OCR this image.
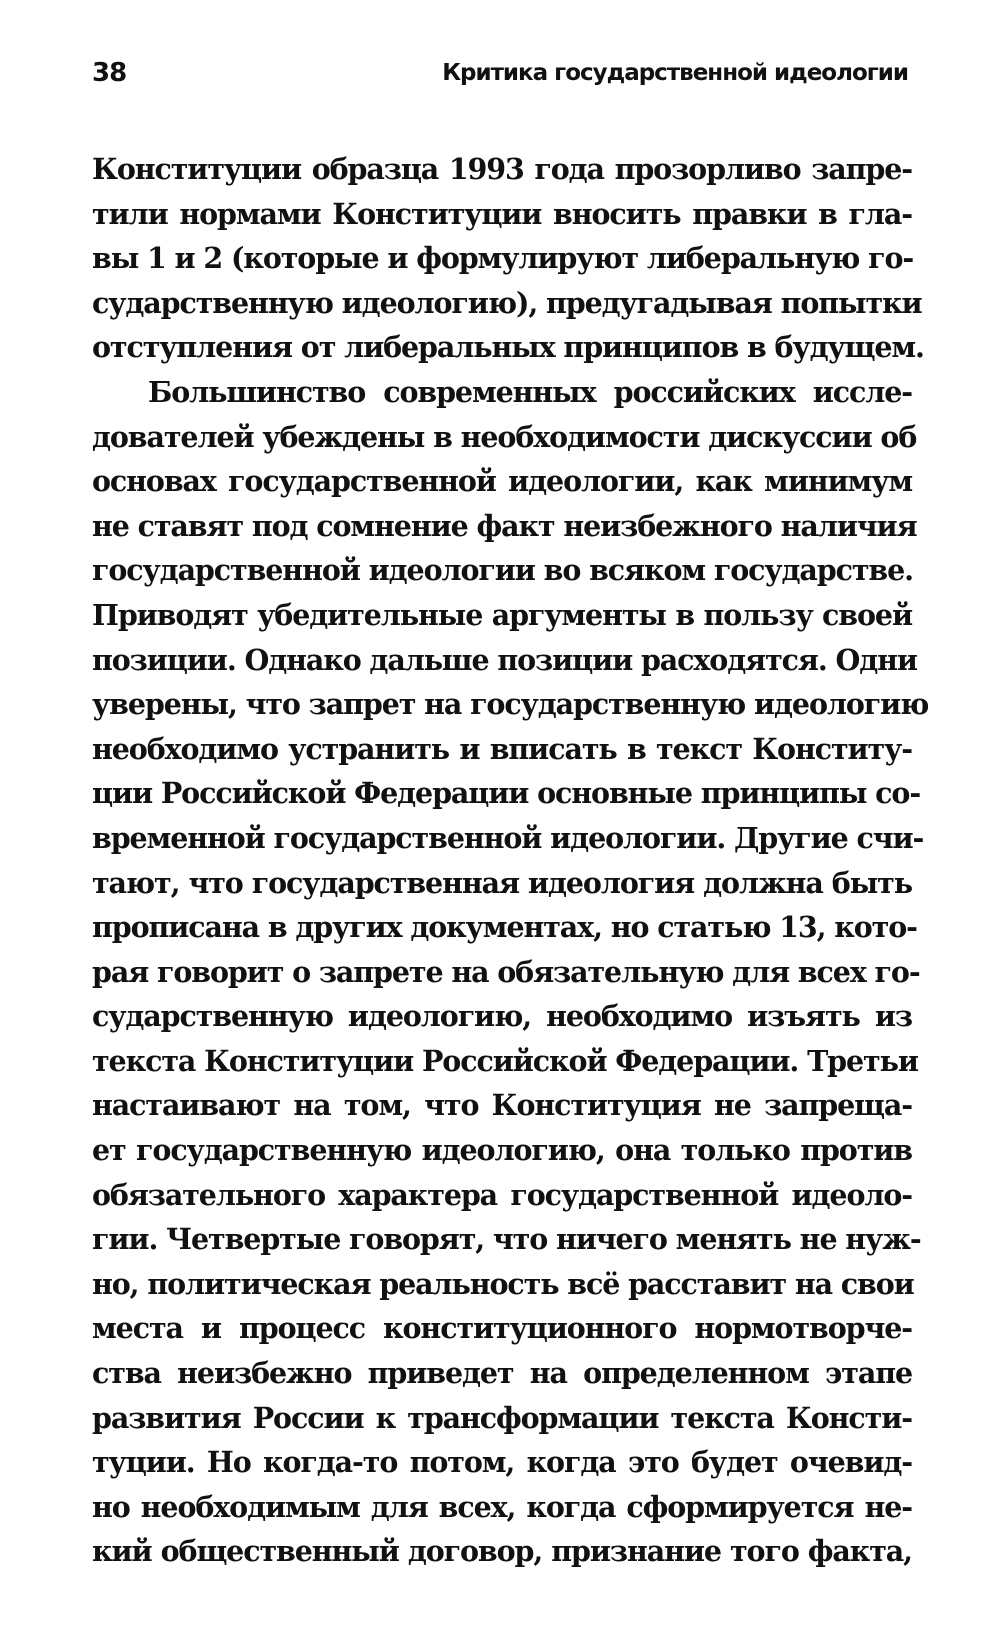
38	Критика государственной идеологии
Конституции образца 1993 года прозорливо запре-
тили нормами Конституции вносить правки в гла-
вы 1 и 2 (которые и формулируют либеральную го-
сударственную идеологию), предугадывая попытки
отступления от либеральных принципов в будущем.
Большинство современных российских иссле-
дователей убеждены в необходимости дискуссии об
основах государственной идеологии, как минимум
не ставят под сомнение факт неизбежного наличия
государственной идеологии во всяком государстве.
Приводят убедительные аргументы в пользу своей
позиции. Однако дальше позиции расходятся. Одни
уверены, что запрет на государственную идеологию
необходимо устранить и вписать в текст Конститу-
ции Российской Федерации основные принципы со-
временной государственной идеологии. Другие счи-
тают, что государственная идеология должна быть
прописана в других документах, но статью 13, кото-
рая говорит о запрете на обязательную для всех го-
сударственную идеологию, необходимо изъять из
текста Конституции Российской Федерации. Третьи
настаивают на том, что Конституция не запреща-
ет государственную идеологию, она только против
обязательного характера государственной идеоло-
гии. Четвертые говорят, что ничего менять не нуж-
но, политическая реальность всё расставит на свои
места и процесс конституционного нормотворче-
ства неизбежно приведет на определенном этапе
развития России к трансформации текста Консти-
туции. Но когда-то потом, когда это будет очевид-
но необходимым для всех, когда сформируется не-
кий общественный договор, признание того факта,
